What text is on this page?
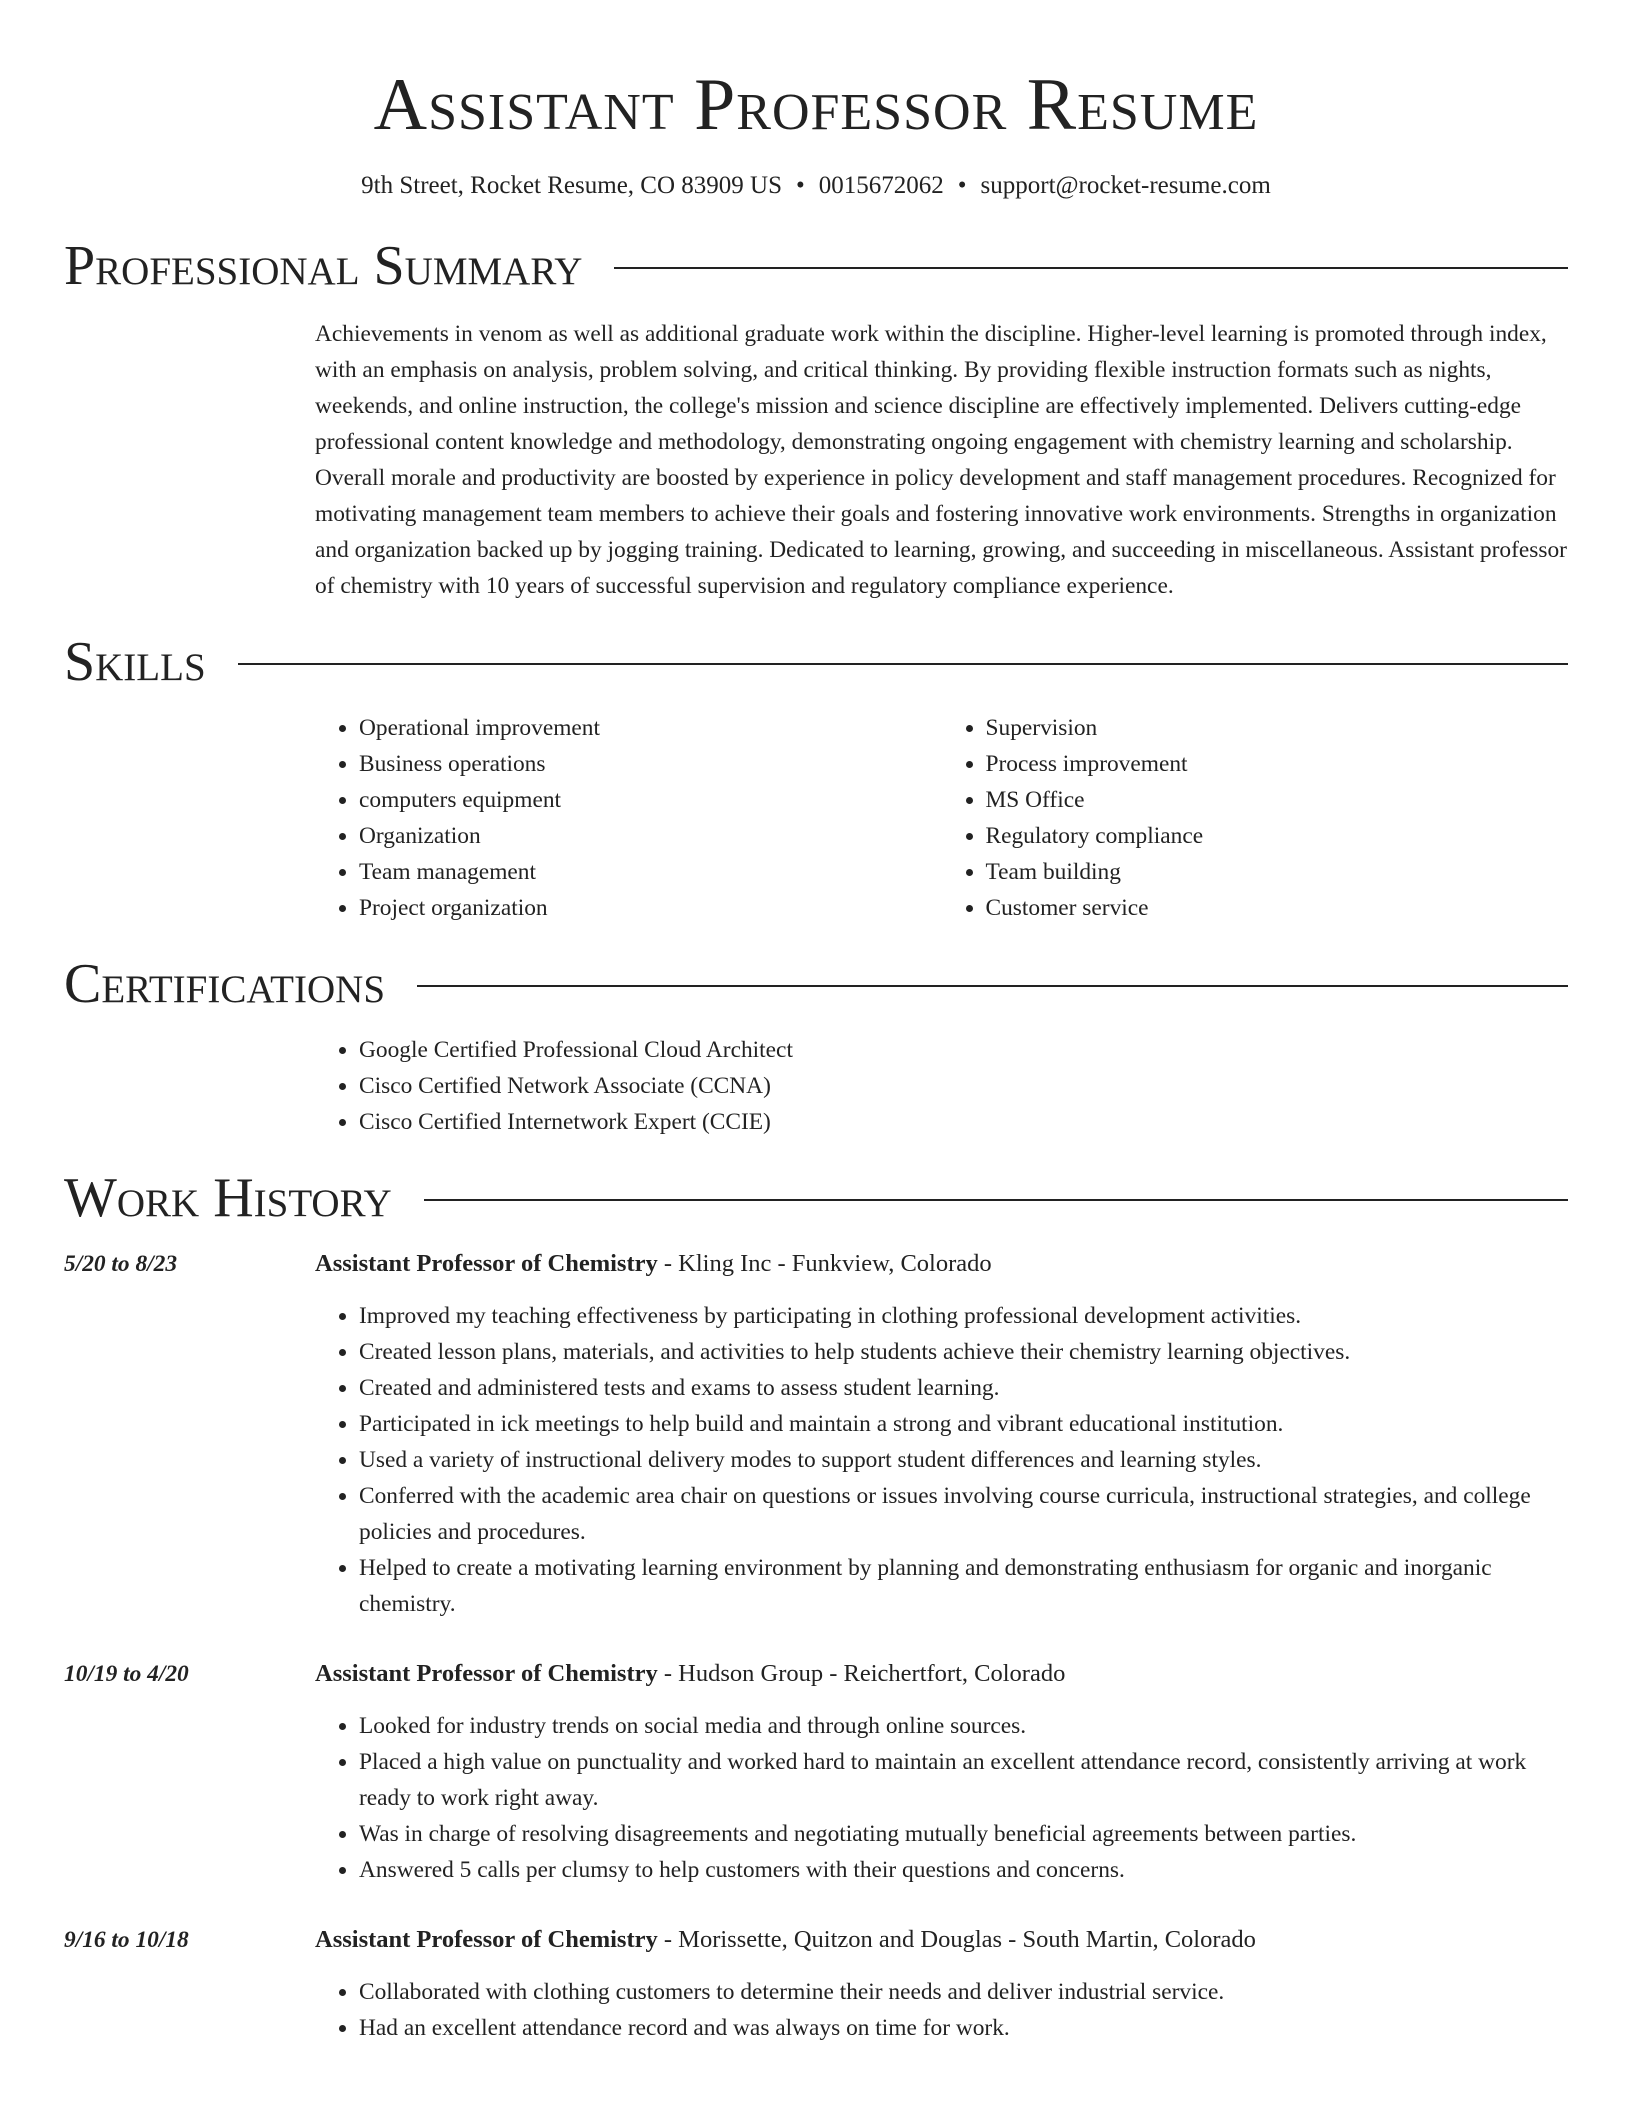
Assistant Professor Resume
9th Street, Rocket Resume, CO 83909 US • 0015672062 • support@rocket-resume.com
Professional Summary

Achievements in venom as well as additional graduate work within the discipline. Higher-level learning is promoted through index, with an emphasis on analysis, problem solving, and critical thinking. By providing flexible instruction formats such as nights, weekends, and online instruction, the college's mission and science discipline are effectively implemented. Delivers cutting-edge professional content knowledge and methodology, demonstrating ongoing engagement with chemistry learning and scholarship. Overall morale and productivity are boosted by experience in policy development and staff management procedures. Recognized for motivating management team members to achieve their goals and fostering innovative work environments. Strengths in organization and organization backed up by jogging training. Dedicated to learning, growing, and succeeding in miscellaneous. Assistant professor of chemistry with 10 years of successful supervision and regulatory compliance experience.

Skills
• Operational improvement
• Business operations
• computers equipment
• Organization
• Team management
• Project organization
• Supervision
• Process improvement
• MS Office
• Regulatory compliance
• Team building
• Customer service
Certifications
• Google Certified Professional Cloud Architect
• Cisco Certified Network Associate (CCNA)
• Cisco Certified Internetwork Expert (CCIE)
Work History
5/20 to 8/23	Assistant Professor of Chemistry - Kling Inc - Funkview, Colorado
• Improved my teaching effectiveness by participating in clothing professional development activities.
• Created lesson plans, materials, and activities to help students achieve their chemistry learning objectives.
• Created and administered tests and exams to assess student learning.
• Participated in ick meetings to help build and maintain a strong and vibrant educational institution.
• Used a variety of instructional delivery modes to support student differences and learning styles.
• Conferred with the academic area chair on questions or issues involving course curricula, instructional strategies, and college policies and procedures.
• Helped to create a motivating learning environment by planning and demonstrating enthusiasm for organic and inorganic chemistry.
10/19 to 4/20	Assistant Professor of Chemistry - Hudson Group - Reichertfort, Colorado
• Looked for industry trends on social media and through online sources.
• Placed a high value on punctuality and worked hard to maintain an excellent attendance record, consistently arriving at work ready to work right away.
• Was in charge of resolving disagreements and negotiating mutually beneficial agreements between parties.
• Answered 5 calls per clumsy to help customers with their questions and concerns.
9/16 to 10/18	Assistant Professor of Chemistry - Morissette, Quitzon and Douglas - South Martin, Colorado
• Collaborated with clothing customers to determine their needs and deliver industrial service.
• Had an excellent attendance record and was always on time for work.
